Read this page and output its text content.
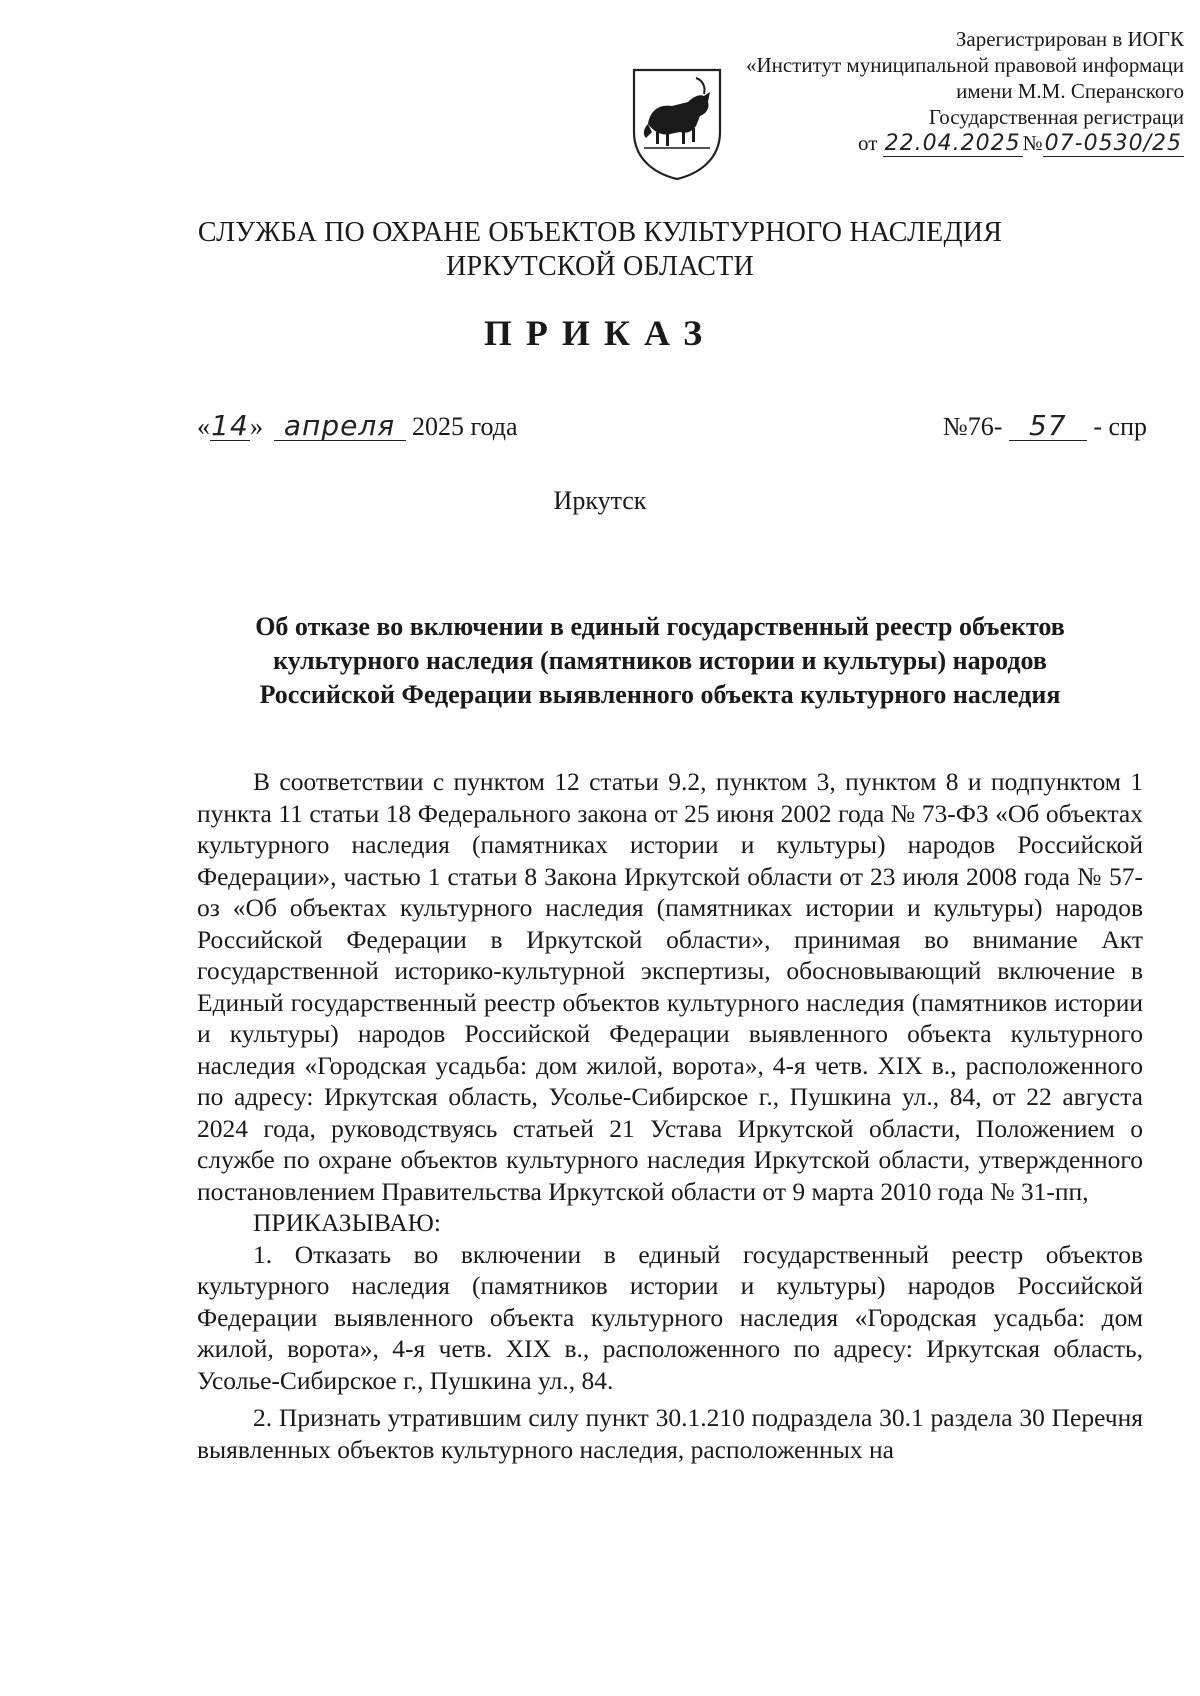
Зарегистрирован в ИОГК
«Институт муниципальной правовой информаци
имени М.М. Сперанского
Государственная регистраци
от 22.04.2025№07-0530/25
СЛУЖБА ПО ОХРАНЕ ОБЪЕКТОВ КУЛЬТУРНОГО НАСЛЕДИЯ
ИРКУТСКОЙ ОБЛАСТИ
ПРИКАЗ
«14» апреля 2025 года	№76- 57 - спр
Иркутск
Об отказе во включении в единый государственный реестр объектов
культурного наследия (памятников истории и культуры) народов
Российской Федерации выявленного объекта культурного наследия

В соответствии с пунктом 12 статьи 9.2, пунктом 3, пунктом 8 и подпунктом 1 пункта 11 статьи 18 Федерального закона от 25 июня 2002 года № 73-ФЗ «Об объектах культурного наследия (памятниках истории и культуры) народов Российской Федерации», частью 1 статьи 8 Закона Иркутской области от 23 июля 2008 года № 57-оз «Об объектах культурного наследия (памятниках истории и культуры) народов Российской Федерации в Иркутской области», принимая во внимание Акт государственной историко-культурной экспертизы, обосновывающий включение в Единый государственный реестр объектов культурного наследия (памятников истории и культуры) народов Российской Федерации выявленного объекта культурного наследия «Городская усадьба: дом жилой, ворота», 4-я четв. XIX в., расположенного по адресу: Иркутская область, Усолье-Сибирское г., Пушкина ул., 84, от 22 августа 2024 года, руководствуясь статьей 21 Устава Иркутской области, Положением о службе по охране объектов культурного наследия Иркутской области, утвержденного постановлением Правительства Иркутской области от 9 марта 2010 года № 31-пп,

ПРИКАЗЫВАЮ:

1. Отказать во включении в единый государственный реестр объектов культурного наследия (памятников истории и культуры) народов Российской Федерации выявленного объекта культурного наследия «Городская усадьба: дом жилой, ворота», 4-я четв. XIX в., расположенного по адресу: Иркутская область, Усолье-Сибирское г., Пушкина ул., 84.

2. Признать утратившим силу пункт 30.1.210 подраздела 30.1 раздела 30 Перечня выявленных объектов культурного наследия, расположенных на
